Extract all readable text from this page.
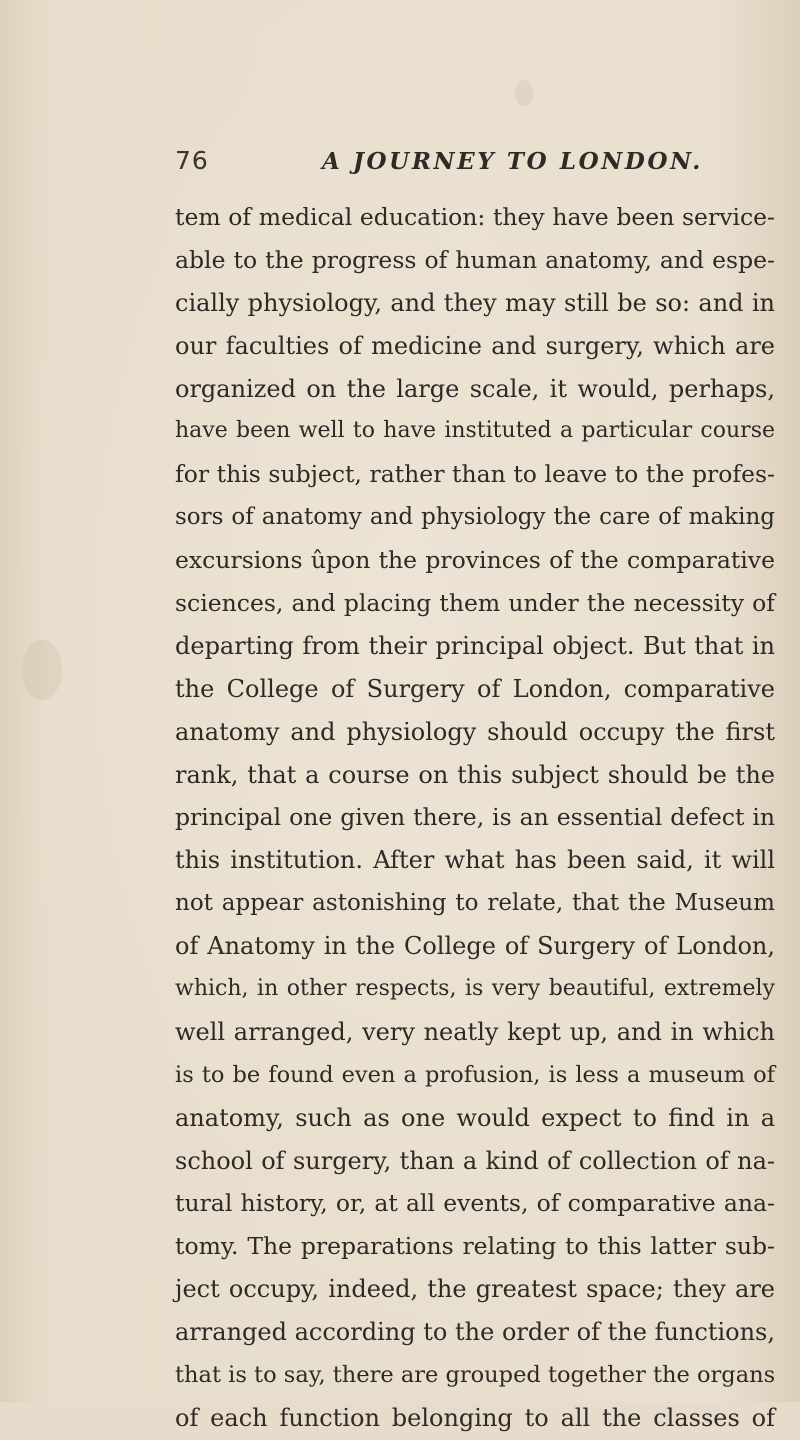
76	A JOURNEY TO LONDON.
tem of medical education: they have been service-
able to the progress of human anatomy, and espe-
cially physiology, and they may still be so: and in
our faculties of medicine and surgery, which are
organized on the large scale, it would, perhaps,
have been well to have instituted a particular course
for this subject, rather than to leave to the profes-
sors of anatomy and physiology the care of making
excursions ûpon the provinces of the comparative
sciences, and placing them under the necessity of
departing from their principal object. But that in
the College of Surgery of London, comparative
anatomy and physiology should occupy the first
rank, that a course on this subject should be the
principal one given there, is an essential defect in
this institution. After what has been said, it will
not appear astonishing to relate, that the Museum
of Anatomy in the College of Surgery of London,
which, in other respects, is very beautiful, extremely
well arranged, very neatly kept up, and in which
is to be found even a profusion, is less a museum of
anatomy, such as one would expect to find in a
school of surgery, than a kind of collection of na-
tural history, or, at all events, of comparative ana-
tomy. The preparations relating to this latter sub-
ject occupy, indeed, the greatest space; they are
arranged according to the order of the functions,
that is to say, there are grouped together the organs
of each function belonging to all the classes of
